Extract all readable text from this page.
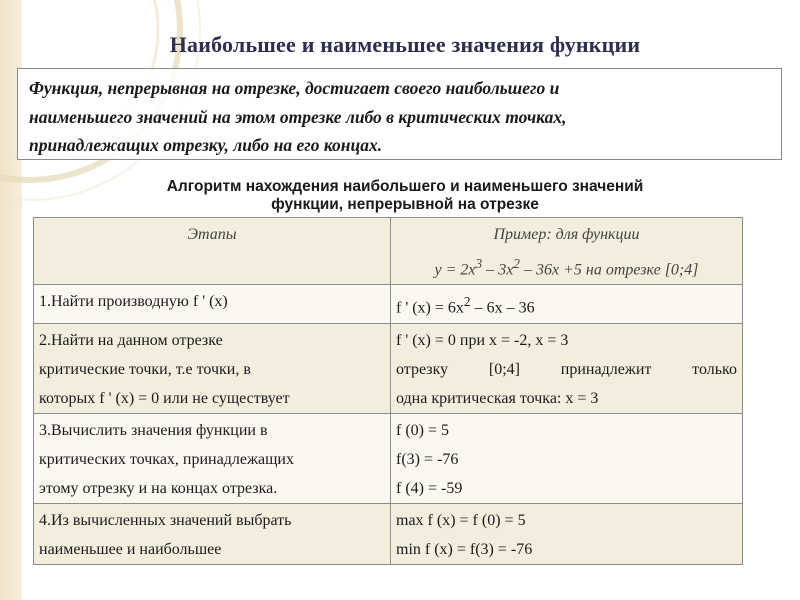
Наибольшее и наименьшее значения функции
Функция, непрерывная на отрезке, достигает своего наибольшего и
наименьшего значений на этом отрезке либо в критических точках,
принадлежащих отрезку, либо на его концах.
Алгоритм нахождения наибольшего и наименьшего значений
функции, непрерывной на отрезке
Этапы	Пример: для функции
$y = 2x^3 - 3x^2 - 36x +5$ на отрезке [0;4]

1.Найти производную f ' (x)	f ' $(x) = 6x^2 - 6x - 36$

2.Найти на данном отрезке
критические точки, т.е точки, в
которых f ' (x) = 0 или не существует	f ' (x) = 0 при x = -2, x = 3
отрезку [0;4] принадлежит только
одна критическая точка: x = 3

3.Вычислить значения функции в
критических точках, принадлежащих
этому отрезку и на концах отрезка.	f (0) = 5
f(3) = -76
f (4) = -59

4.Из вычисленных значений выбрать
наименьшее и наибольшее	max f (x) = f (0) = 5
min f (x) = f(3) = -76
